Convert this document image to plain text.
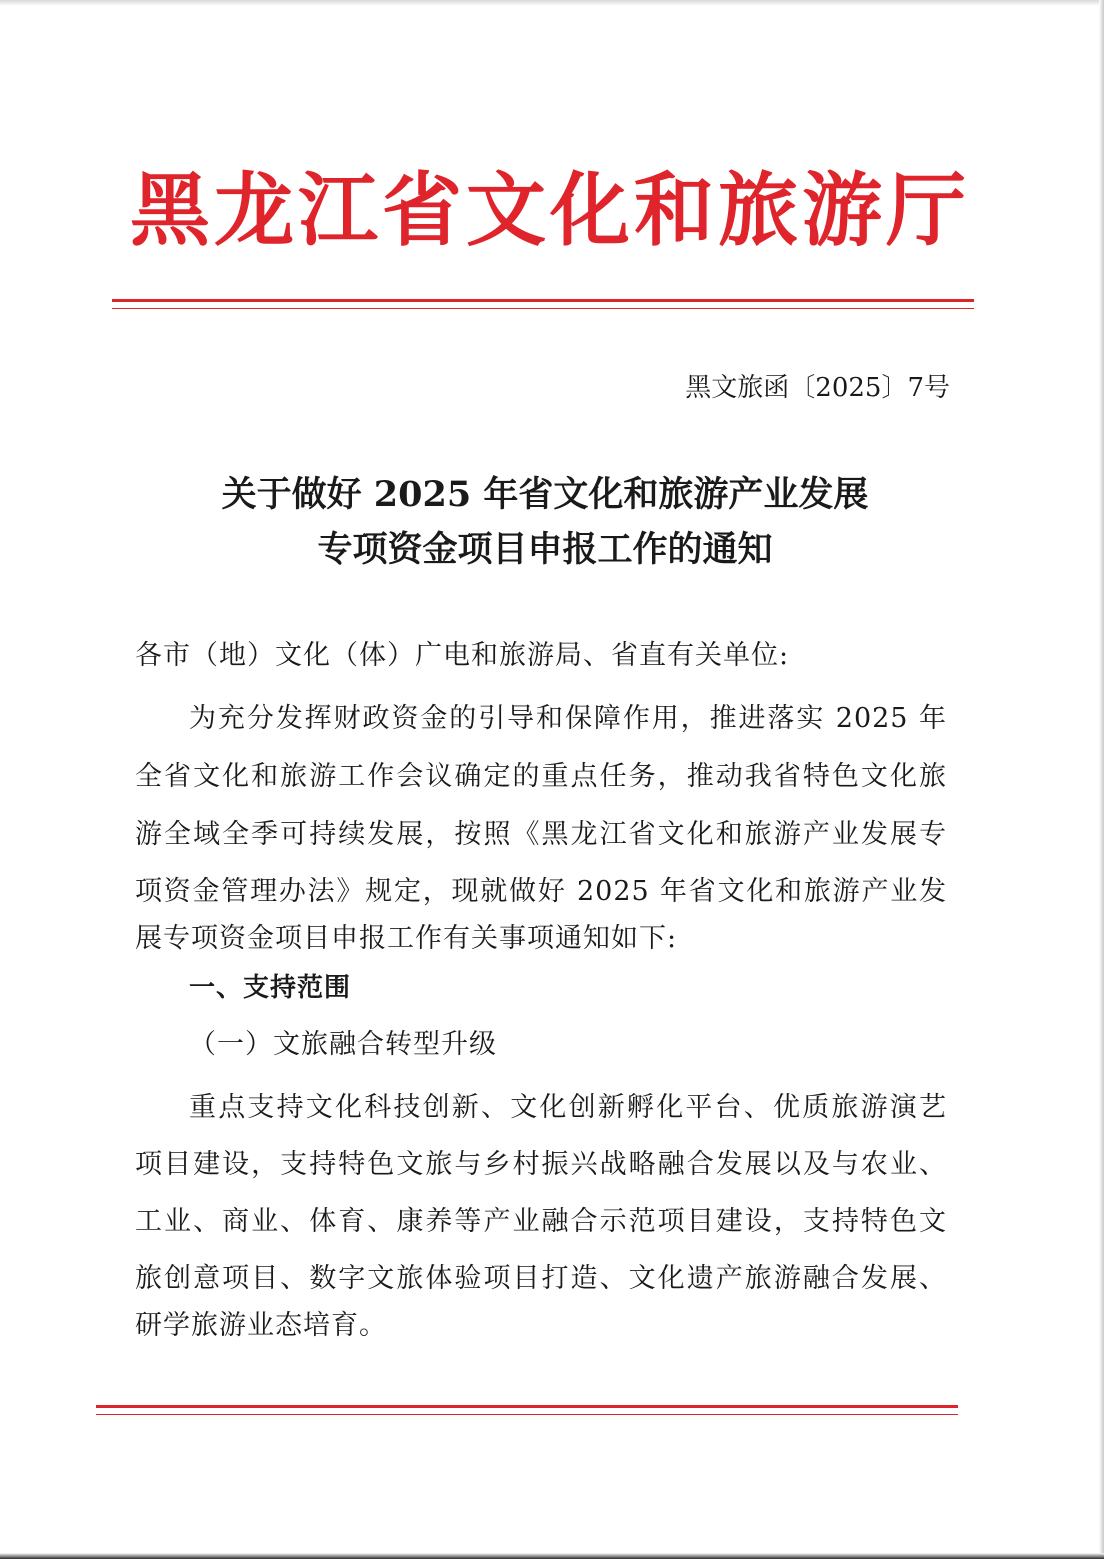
黑龙江省文化和旅游厅
黑文旅函〔2025〕7号
关于做好 2025 年省文化和旅游产业发展
专项资金项目申报工作的通知
各市（地）文化（体）广电和旅游局、省直有关单位:
为充分发挥财政资金的引导和保障作用，推进落实 2025 年
全省文化和旅游工作会议确定的重点任务，推动我省特色文化旅
游全域全季可持续发展，按照《黑龙江省文化和旅游产业发展专
项资金管理办法》规定，现就做好 2025 年省文化和旅游产业发
展专项资金项目申报工作有关事项通知如下:
一、支持范围
（一）文旅融合转型升级
重点支持文化科技创新、文化创新孵化平台、优质旅游演艺
项目建设，支持特色文旅与乡村振兴战略融合发展以及与农业、
工业、商业、体育、康养等产业融合示范项目建设，支持特色文
旅创意项目、数字文旅体验项目打造、文化遗产旅游融合发展、
研学旅游业态培育。
